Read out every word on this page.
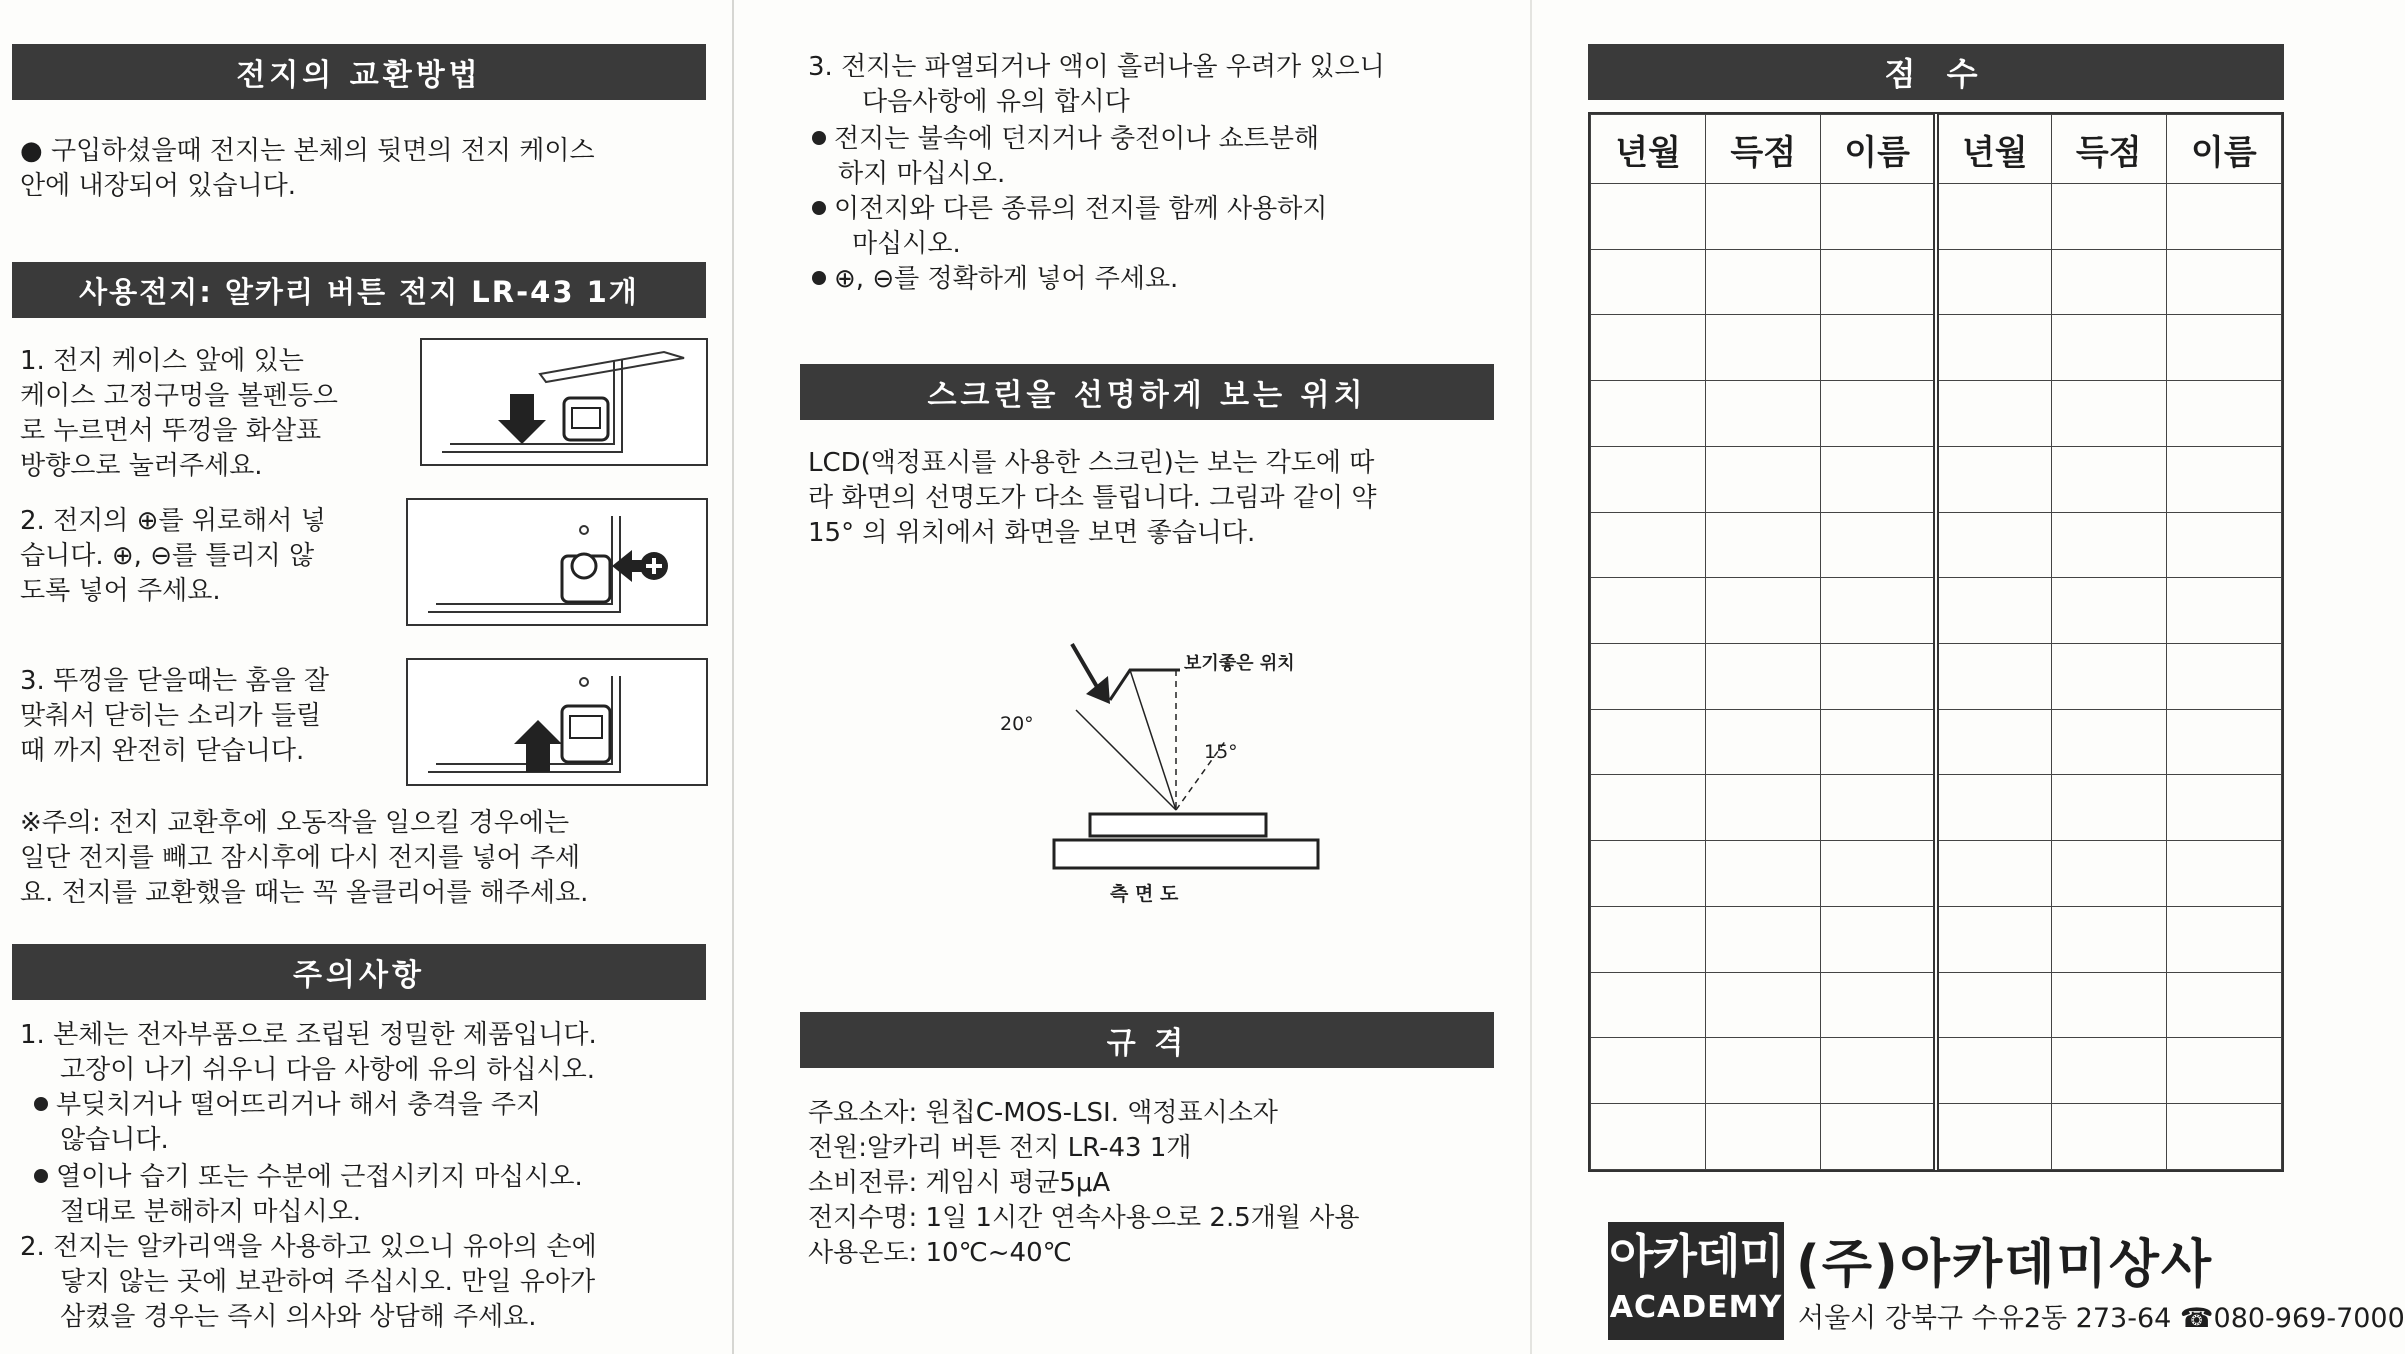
전지의 교환방법
● 구입하셨을때 전지는 본체의 뒷면의 전지 케이스
안에 내장되어 있습니다.
사용전지: 알카리 버튼 전지 LR-43 1개
1. 전지 케이스 앞에 있는
케이스 고정구멍을 볼펜등으
로 누르면서 뚜껑을 화살표
방향으로 눌러주세요.
2. 전지의 ⊕를 위로해서 넣
습니다. ⊕, ⊖를 틀리지 않
도록 넣어 주세요.
3. 뚜껑을 닫을때는 홈을 잘
맞춰서 닫히는 소리가 들릴
때 까지 완전히 닫습니다.
※주의: 전지 교환후에 오동작을 일으킬 경우에는
일단 전지를 빼고 잠시후에 다시 전지를 넣어 주세
요. 전지를 교환했을 때는 꼭 올클리어를 해주세요.
주의사항
1. 본체는 전자부품으로 조립된 정밀한 제품입니다.
고장이 나기 쉬우니 다음 사항에 유의 하십시오.
부딪치거나 떨어뜨리거나 해서 충격을 주지
않습니다.
열이나 습기 또는 수분에 근접시키지 마십시오.
절대로 분해하지 마십시오.
2. 전지는 알카리액을 사용하고 있으니 유아의 손에
닿지 않는 곳에 보관하여 주십시오. 만일 유아가
삼켰을 경우는 즉시 의사와 상담해 주세요.
3. 전지는 파열되거나 액이 흘러나올 우려가 있으니
다음사항에 유의 합시다
전지는 불속에 던지거나 충전이나 쇼트분해
하지 마십시오.
이전지와 다른 종류의 전지를 함께 사용하지
마십시오.
⊕, ⊖를 정확하게 넣어 주세요.
스크린을 선명하게 보는 위치
LCD(액정표시를 사용한 스크린)는 보는 각도에 따
라 화면의 선명도가 다소 틀립니다. 그림과 같이 약
15° 의 위치에서 화면을 보면 좋습니다.
보기좋은 위치
20°
15°
측 면 도
규 격
주요소자: 원칩C-MOS-LSI. 액정표시소자
전원:알카리 버튼 전지 LR-43 1개
소비전류: 게임시 평균5μA
전지수명: 1일 1시간 연속사용으로 2.5개월 사용
사용온도: 10℃~40℃
점 수
년월	득점	이름	년월	득점	이름

아카데미
ACADEMY
(주)아카데미상사
서울시 강북구 수유2동 273-64 ☎080-969-7000
